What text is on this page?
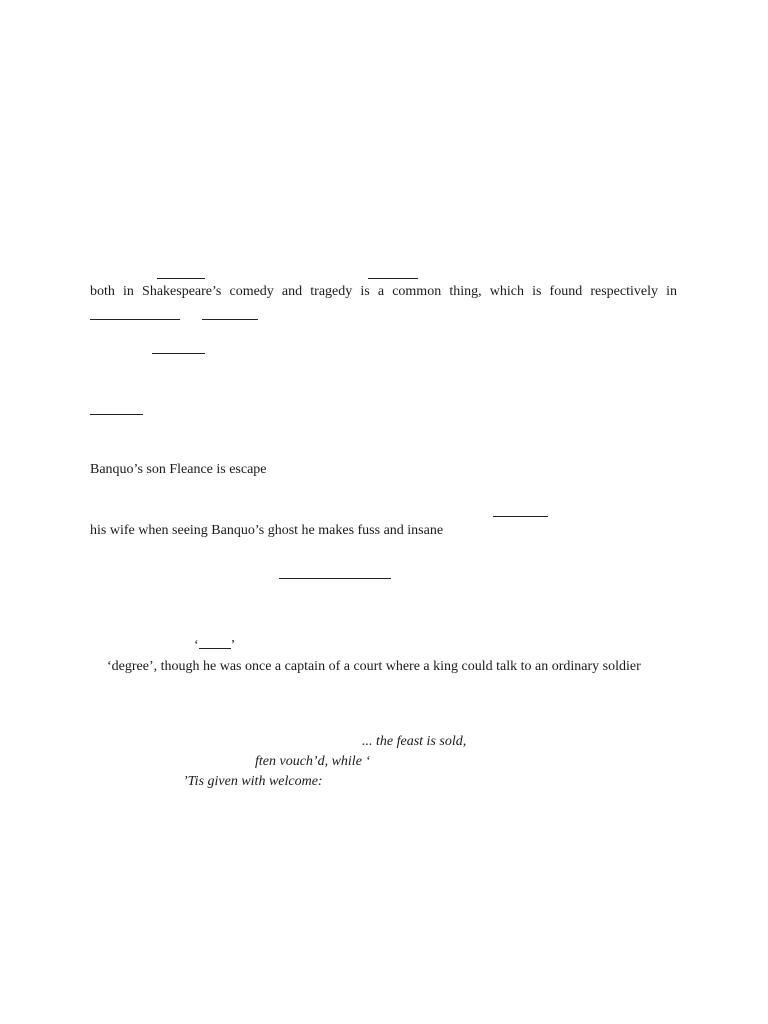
both in Shakespeare’s comedy and tragedy is a common thing, which is found respectively in
Banquo’s son Fleance is escape
his wife when seeing Banquo’s ghost he makes fuss and insane
‘ ’
‘degree’, though he was once a captain of a court where a king could talk to an ordinary soldier
... the feast is sold,
ften vouch’d, while ‘
’Tis given with welcome:
